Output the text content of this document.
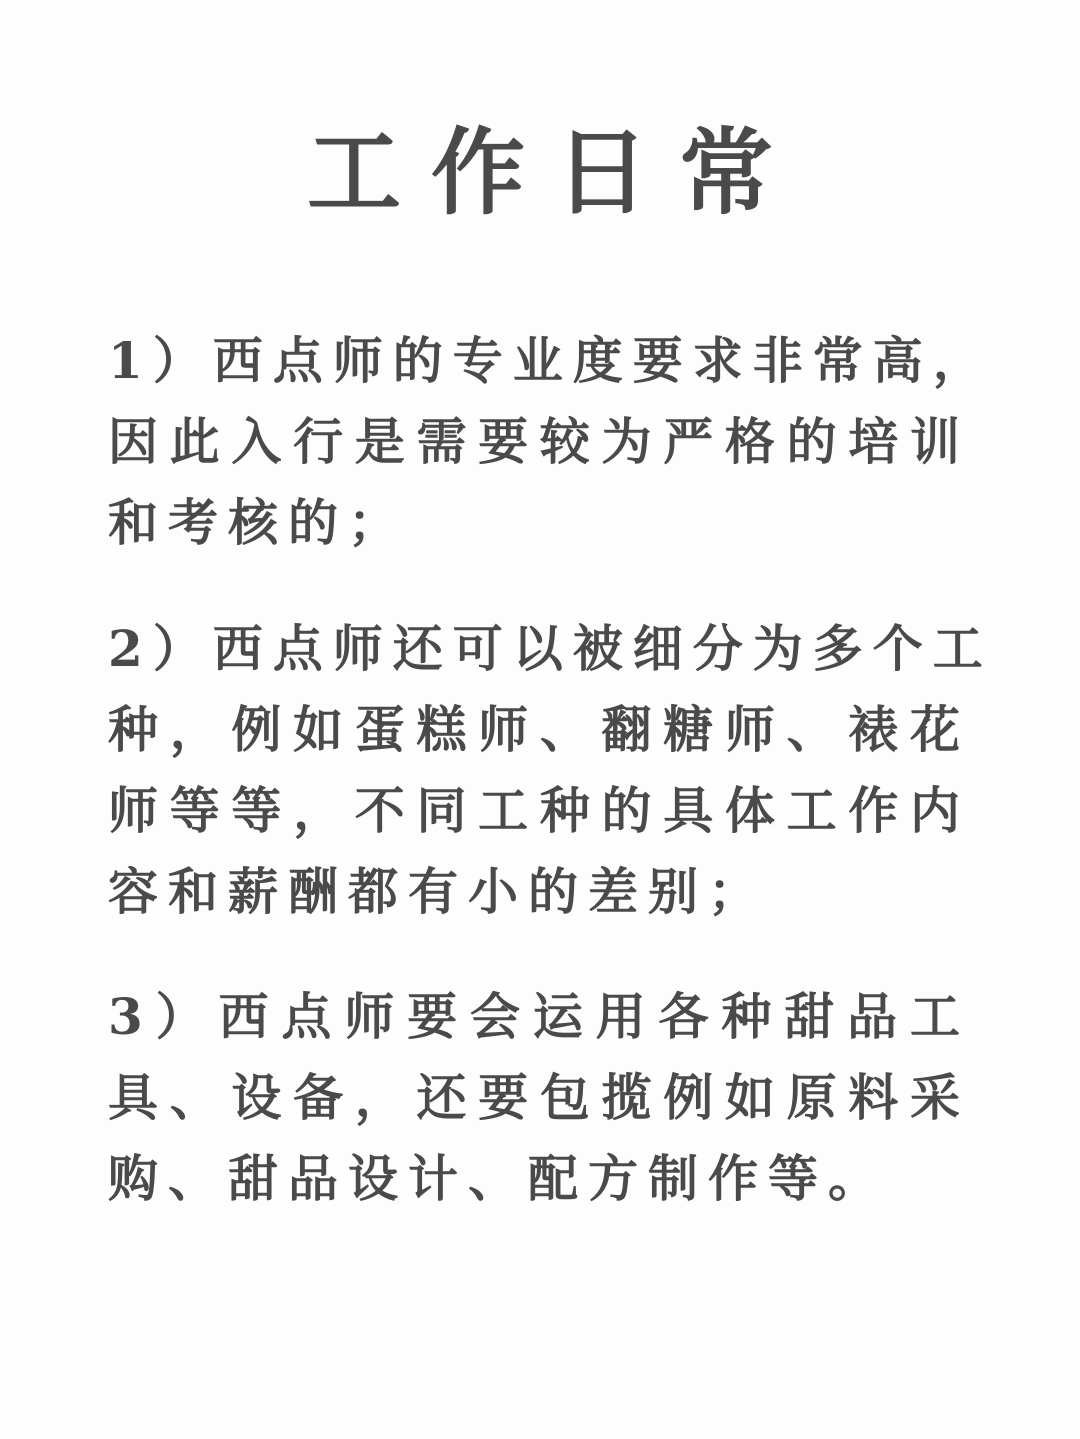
工作日常
1）西点师的专业度要求非常高，
因此入行是需要较为严格的培训
和考核的；
2）西点师还可以被细分为多个工
种，例如蛋糕师、翻糖师、裱花
师等等，不同工种的具体工作内
容和薪酬都有小的差别；
3）西点师要会运用各种甜品工
具、设备，还要包揽例如原料采
购、甜品设计、配方制作等。
